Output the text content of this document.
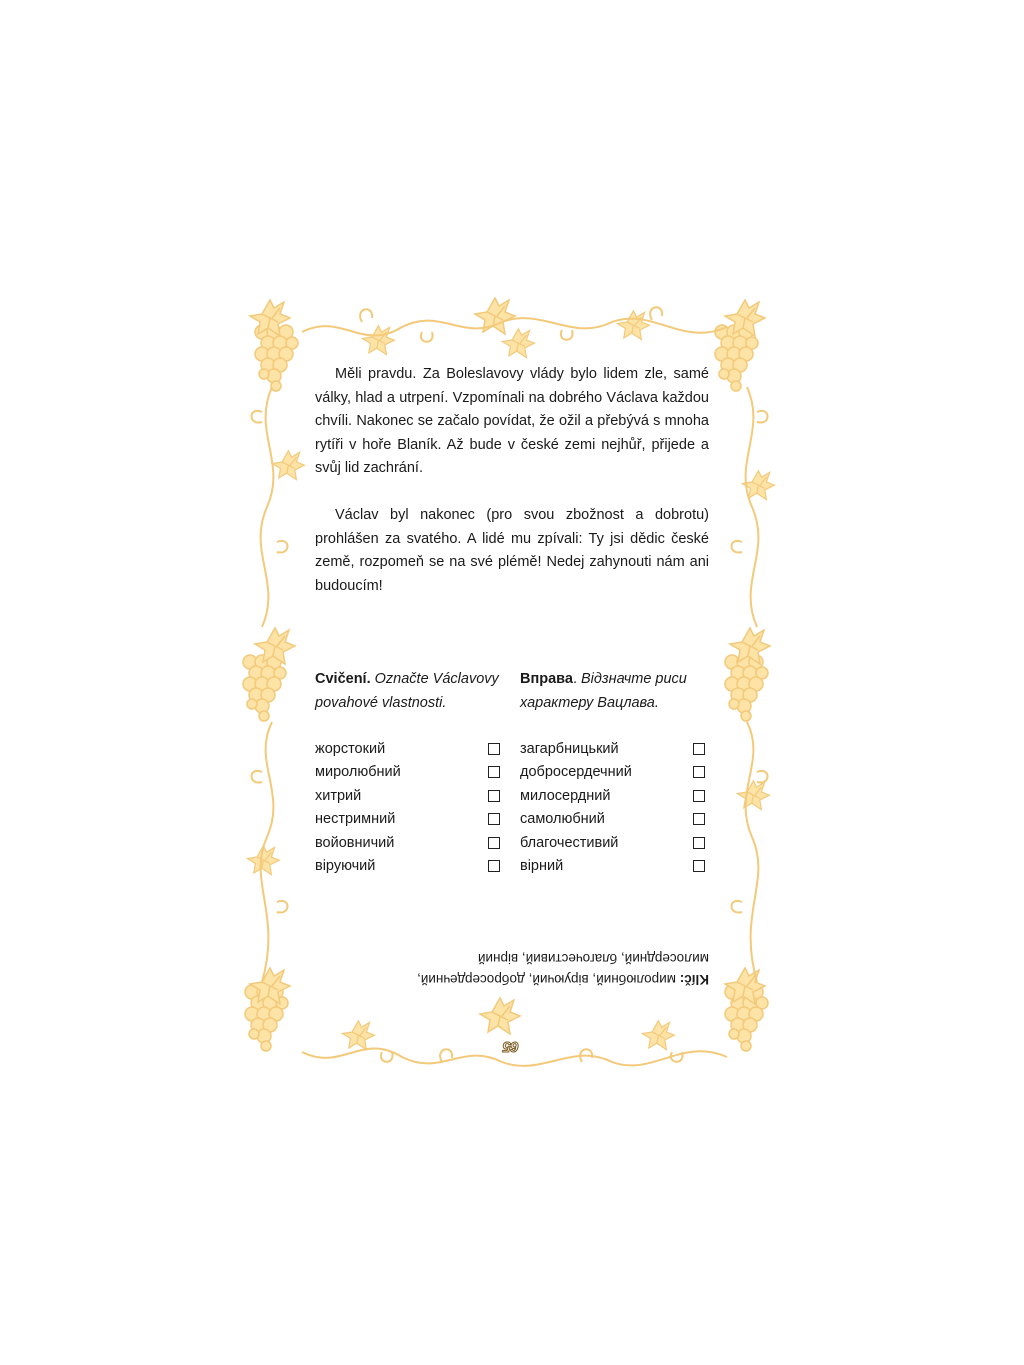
Měli pravdu. Za Boleslavovy vlády bylo lidem zle, samé války, hlad a utrpení. Vzpomínali na dobrého Václava každou chvíli. Nakonec se začalo povídat, že ožil a přebývá s mnoha rytíři v hoře Blaník. Až bude v české zemi nejhůř, přijede a svůj lid zachrání.

Václav byl nakonec (pro svou zbožnost a dobrotu) prohlášen za svatého. A lidé mu zpívali: Ty jsi dědic české země, rozpomeň se na své plémě! Nedej zahynouti nám ani budoucím!

Cvičení. Označte Václavovy povahové vlastnosti.
Вправа. Відзначте риси характеру Вацлава.
жорстокий
миролюбний
хитрий
нестримний
войовничий
віруючий
загарбницький
добросердечний
милосердний
самолюбний
благочестивий
вірний
Klíč: миролюбний, віруючий, добросердечний, милосердний, благочестивий, вірний
65
